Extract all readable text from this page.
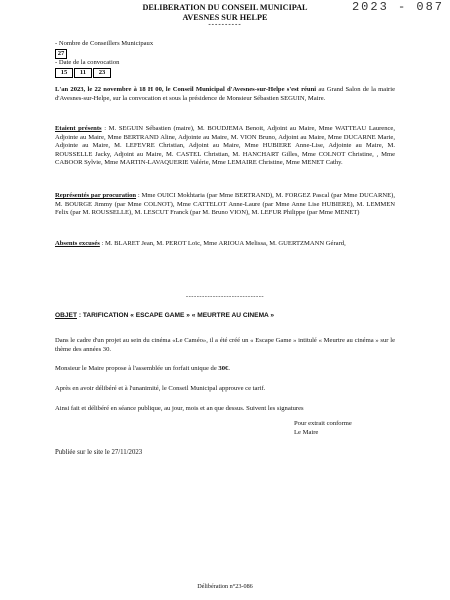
2023 - 087
DELIBERATION DU CONSEIL MUNICIPAL
AVESNES SUR HELPE
----------
- Nombre de Conseillers Municipaux
27
- Date de la convocation
15	11	23
L'an 2023, le 22 novembre à 18 H 00, le Conseil Municipal d'Avesnes-sur-Helpe s'est réuni au Grand Salon de la mairie d'Avesnes-sur-Helpe, sur la convocation et sous la présidence de Monsieur Sébastien SEGUIN, Maire.
Etaient présents : M. SEGUIN Sébastien (maire), M. BOUDJEMA Benoit, Adjoint au Maire, Mme WATTEAU Laurence, Adjointe au Maire, Mme BERTRAND Aline, Adjointe au Maire, M. VION Bruno, Adjoint au Maire, Mme DUCARNE Marie, Adjointe au Maire, M. LEFEVRE Christian, Adjoint au Maire, Mme HUBIERE Anne-Lise, Adjointe au Maire, M. ROUSSELLE Jacky, Adjoint au Maire, M. CASTEL Christian, M. HANCHART Gilles, Mme COLNOT Christine, , Mme CABOOR Sylvie, Mme MARTIN-LAVAQUERIE Valérie, Mme LEMAIRE Christine, Mme MENET Cathy.
Représentés par procuration : Mme OUICI Mokhtaria (par Mme BERTRAND), M. FORGEZ Pascal (par Mme DUCARNE), M. BOURGE Jimmy (par Mme COLNOT), Mme CATTELOT Anne-Laure (par Mme Anne Lise HUBIERE), M. LEMMEN Felix (par M. ROUSSELLE), M. LESCUT Franck (par M. Bruno VION), M. LEFUR Philippe (par Mme MENET)
Absents excusés : M. BLARET Jean, M. PEROT Loïc, Mme ARIOUA Melissa, M. GUERTZMANN Gérard,
-----------------------------
OBJET : TARIFICATION « ESCAPE GAME » « MEURTRE AU CINEMA »
Dans le cadre d'un projet au sein du cinéma «Le Caméo», il a été créé un « Escape Game » intitulé « Meurtre au cinéma » sur le thème des années 30.
Monsieur le Maire propose à l'assemblée un forfait unique de 30€.
Après en avoir délibéré et à l'unanimité, le Conseil Municipal approuve ce tarif.
Ainsi fait et délibéré en séance publique, au jour, mois et an que dessus. Suivent les signatures
Pour extrait conforme
Le Maire
Publiée sur le site le 27/11/2023
Délibération n°23-086
